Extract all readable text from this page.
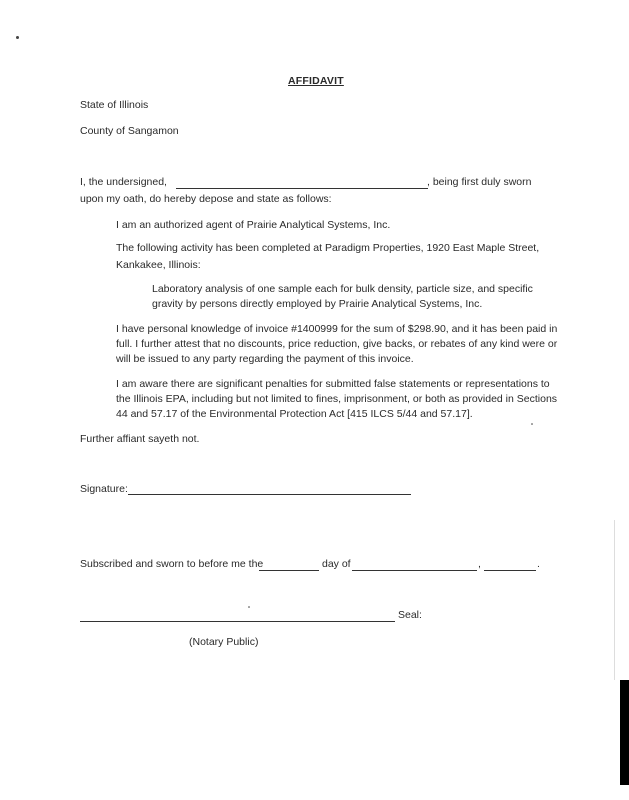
AFFIDAVIT
State of Illinois
County of Sangamon
I, the undersigned,	, being first duly sworn
upon my oath, do hereby depose and state as follows:
I am an authorized agent of Prairie Analytical Systems, Inc.
The following activity has been completed at Paradigm Properties, 1920 East Maple Street,
Kankakee, Illinois:
Laboratory analysis of one sample each for bulk density, particle size, and specific
gravity by persons directly employed by Prairie Analytical Systems, Inc.
I have personal knowledge of invoice #1400999 for the sum of $298.90, and it has been paid in
full. I further attest that no discounts, price reduction, give backs, or rebates of any kind were or
will be issued to any party regarding the payment of this invoice.
I am aware there are significant penalties for submitted false statements or representations to
the Illinois EPA, including but not limited to fines, imprisonment, or both as provided in Sections
44 and 57.17 of the Environmental Protection Act [415 ILCS 5/44 and 57.17].
Further affiant sayeth not.
Signature:
Subscribed and sworn to before me the	day of	,	.
Seal:
(Notary Public)
